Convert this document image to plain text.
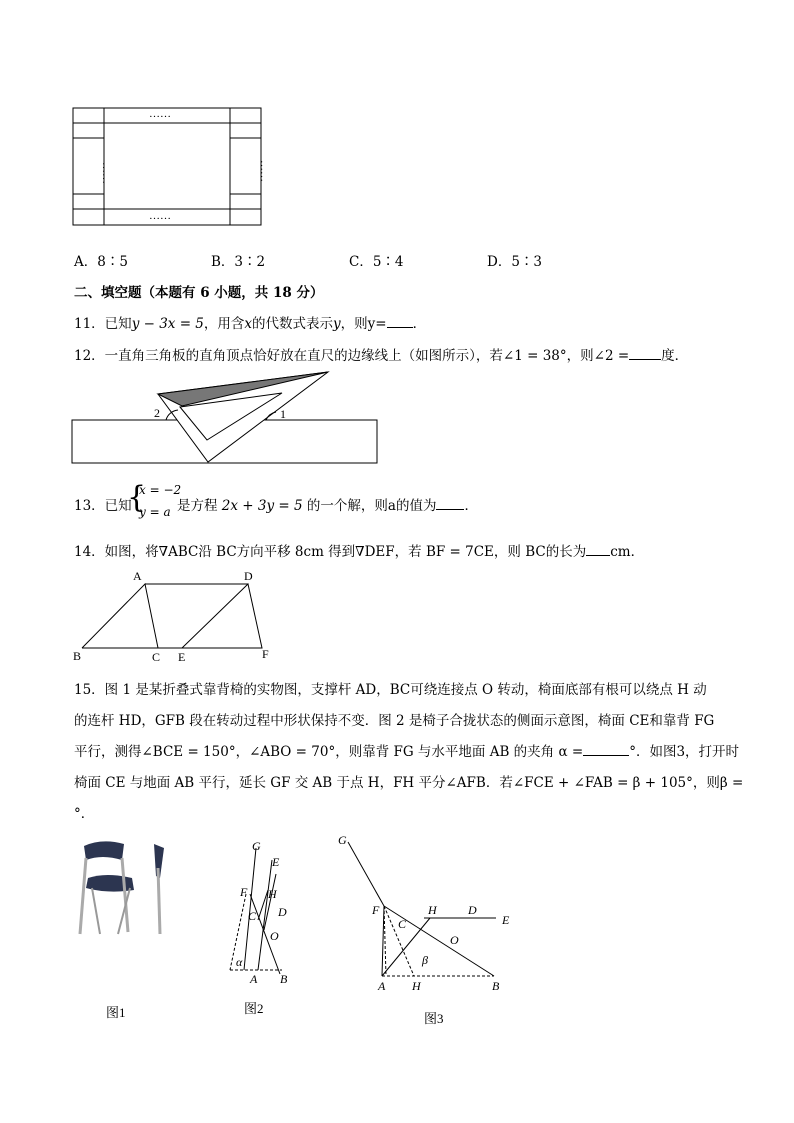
……
……
……	……
A．8∶5	B．3∶2	C．5∶4	D．5∶3
二、填空题（本题有 6 小题，共 18 分）
11．已知y − 3x = 5，用含x的代数式表示y，则y= ．
12．一直角三角板的直角顶点恰好放在直尺的边缘线上（如图所示），若∠1 = 38°，则∠2 = 度．
2	1
13．已知
{
x = −2
y = a 是方程 2x + 3y = 5 的一个解，则a的值为 ．
14．如图，将∇ABC沿 BC方向平移 8cm 得到∇DEF，若 BF = 7CE，则 BC的长为 cm．
A	D
B	C E	F
15．图 1 是某折叠式靠背椅的实物图，支撑杆 AD，BC可绕连接点 O 转动，椅面底部有根可以绕点 H 动
的连杆 HD，GFB 段在转动过程中形状保持不变．图 2 是椅子合拢状态的侧面示意图，椅面 CE和靠背 FG
平行，测得∠BCE = 150°，∠ABO = 70°，则靠背 FG 与水平地面 AB 的夹角 α =	°．如图3，打开时
椅面 CE 与地面 AB 平行，延长 GF 交 AB 于点 H，FH 平分∠AFB．若∠FCE + ∠FAB = β + 105°，则β =
°．
图1
G
E
F H
C D
O
α
A B
图2
G
F	H	D
E
C
O
β
A H	B
图3
